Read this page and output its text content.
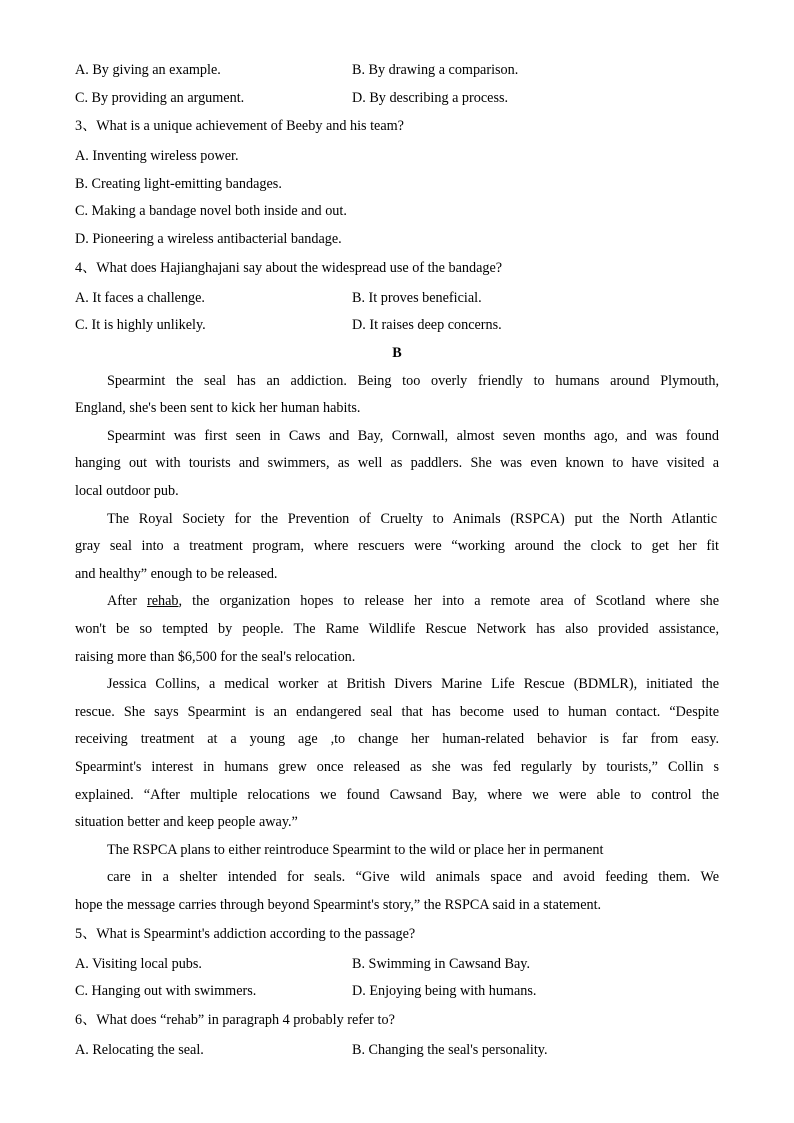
A. By giving an example.	B. By drawing a comparison.
C. By providing an argument.	D. By describing a process.
3、What is a unique achievement of Beeby and his team?
A. Inventing wireless power.
B. Creating light-emitting bandages.
C. Making a bandage novel both inside and out.
D. Pioneering a wireless antibacterial bandage.
4、What does Hajianghajani say about the widespread use of the bandage?
A. It faces a challenge.	B. It proves beneficial.
C. It is highly unlikely.	D. It raises deep concerns.
B
Spearmint the seal has an addiction. Being too overly friendly to humans around Plymouth,
England, she's been sent to kick her human habits.
Spearmint was first seen in Caws and Bay, Cornwall, almost seven months ago, and was found
hanging out with tourists and swimmers, as well as paddlers. She was even known to have visited a
local outdoor pub.
The Royal Society for the Prevention of Cruelty to Animals (RSPCA) put the North Atlantic
gray seal into a treatment program, where rescuers were “working around the clock to get her fit
and healthy” enough to be released.
After rehab, the organization hopes to release her into a remote area of Scotland where she
won't be so tempted by people. The Rame Wildlife Rescue Network has also provided assistance,
raising more than $6,500 for the seal's relocation.
Jessica Collins, a medical worker at British Divers Marine Life Rescue (BDMLR), initiated the
rescue. She says Spearmint is an endangered seal that has become used to human contact. “Despite
receiving treatment at a young age ,to change her human-related behavior is far from easy.
Spearmint's interest in humans grew once released as she was fed regularly by tourists,” Collin s
explained. “After multiple relocations we found Cawsand Bay, where we were able to control the
situation better and keep people away.”
The RSPCA plans to either reintroduce Spearmint to the wild or place her in permanent
care in a shelter intended for seals. “Give wild animals space and avoid feeding them. We
hope the message carries through beyond Spearmint's story,” the RSPCA said in a statement.
5、What is Spearmint's addiction according to the passage?
A. Visiting local pubs.	B. Swimming in Cawsand Bay.
C. Hanging out with swimmers.	D. Enjoying being with humans.
6、What does “rehab” in paragraph 4 probably refer to?
A. Relocating the seal.	B. Changing the seal's personality.
